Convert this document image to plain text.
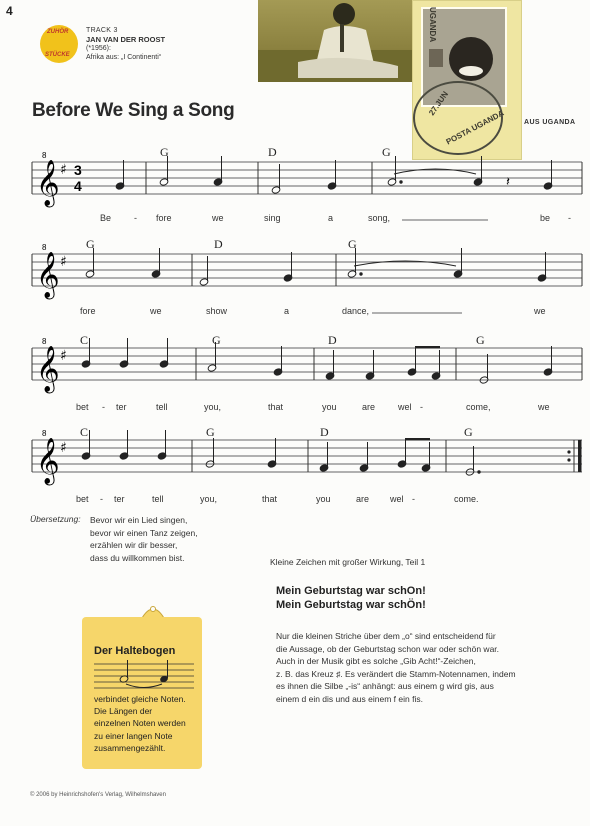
4
ZUHÖR
STÜCKE
TRACK 3
JAN VAN DER ROOST
(*1956):
Afrika aus: „I Continenti“
UGANDA
27.JUN
POSTA UGANDA
Before We Sing a Song
AUS UGANDA
𝄞 ♯
8
3
4	𝄽
G	D	G
Be	- fore	we	sing	a	song,	be -
𝄞 ♯
8	G	D	G
fore	we	show	a	dance,	we
𝄞 ♯
8	C	G	D	G
bet - ter	tell	you,	that	you	are	wel -	come,	we
𝄞 ♯
8	C	G	D	G
bet - ter	tell	you,	that	you	are wel -	come.
Übersetzung: Bevor wir ein Lied singen,
bevor wir einen Tanz zeigen,
erzählen wir dir besser,
dass du willkommen bist.	Kleine Zeichen mit großer Wirkung, Teil 1
Mein Geburtstag war schOn!
Mein Geburtstag war schÖn!
Nur die kleinen Striche über dem „o“ sind entscheidend für
die Aussage, ob der Geburtstag schon war oder schön war.
Auch in der Musik gibt es solche „Gib Acht!“-Zeichen,
z. B. das Kreuz ♯. Es verändert die Stamm-Notennamen, indem
es ihnen die Silbe „-is“ anhängt: aus einem g wird gis, aus
einem d ein dis und aus einem f ein fis.
Der Haltebogen
verbindet gleiche Noten.
Die Längen der
einzelnen Noten werden
zu einer langen Note
zusammengezählt.
© 2006 by Heinrichshofen's Verlag, Wilhelmshaven
